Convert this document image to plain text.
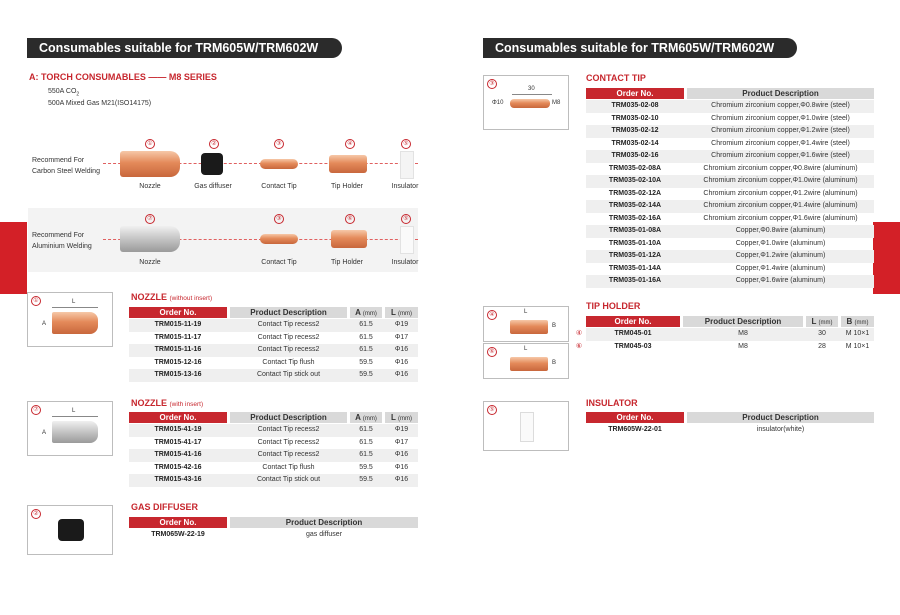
Consumables suitable for TRM605W/TRM602W	Consumables suitable for TRM605W/TRM602W
A: TORCH CONSUMABLES —— M8 SERIES
550A $CO_2$
500A Mixed Gas M21(ISO14175)
Recommend For
Carbon Steel Welding
①
Nozzle
②
Gas diffuser
③
Contact Tip
④
Tip Holder
⑤
Insulator
Recommend For
Aluminium Welding
⑦
Nozzle
③
Contact Tip
⑥
Tip Holder
⑤
Insulator
①	L
A
NOZZLE (without insert)
Order No.	Product Description	A (mm)	L (mm)
TRM015-11-19	Contact Tip recess2	61.5	Φ19
TRM015-11-17	Contact Tip recess2	61.5	Φ17
TRM015-11-16	Contact Tip recess2	61.5	Φ16
TRM015-12-16	Contact Tip flush	59.5	Φ16
TRM015-13-16	Contact Tip stick out	59.5	Φ16
⑦	L
A
NOZZLE (with insert)
Order No.	Product Description	A (mm)	L (mm)
TRM015-41-19	Contact Tip recess2	61.5	Φ19
TRM015-41-17	Contact Tip recess2	61.5	Φ17
TRM015-41-16	Contact Tip recess2	61.5	Φ16
TRM015-42-16	Contact Tip flush	59.5	Φ16
TRM015-43-16	Contact Tip stick out	59.5	Φ16
②
GAS DIFFUSER
Order No.	Product Description
TRM065W-22-19	gas diffuser
③
30
Φ10	M8
CONTACT TIP
Order No.	Product Description
TRM035-02-08	Chromium zirconium copper,Φ0.8wire (steel)
TRM035-02-10	Chromium zirconium copper,Φ1.0wire (steel)
TRM035-02-12	Chromium zirconium copper,Φ1.2wire (steel)
TRM035-02-14	Chromium zirconium copper,Φ1.4wire (steel)
TRM035-02-16	Chromium zirconium copper,Φ1.6wire (steel)
TRM035-02-08A	Chromium zirconium copper,Φ0.8wire (aluminum)
TRM035-02-10A	Chromium zirconium copper,Φ1.0wire (aluminum)
TRM035-02-12A	Chromium zirconium copper,Φ1.2wire (aluminum)
TRM035-02-14A	Chromium zirconium copper,Φ1.4wire (aluminum)
TRM035-02-16A	Chromium zirconium copper,Φ1.6wire (aluminum)
TRM035-01-08A	Copper,Φ0.8wire (aluminum)
TRM035-01-10A	Copper,Φ1.0wire (aluminum)
TRM035-01-12A	Copper,Φ1.2wire (aluminum)
TRM035-01-14A	Copper,Φ1.4wire (aluminum)
TRM035-01-16A	Copper,Φ1.6wire (aluminum)
④	L
B
⑥	L
B
TIP HOLDER
Order No.	Product Description	L (mm)	B (mm)
④	TRM045-01	M8	30	M 10×1
⑥	TRM045-03	M8	28	M 10×1
⑤
INSULATOR
Order No.	Product Description
TRM605W-22-01	insulator(white)
